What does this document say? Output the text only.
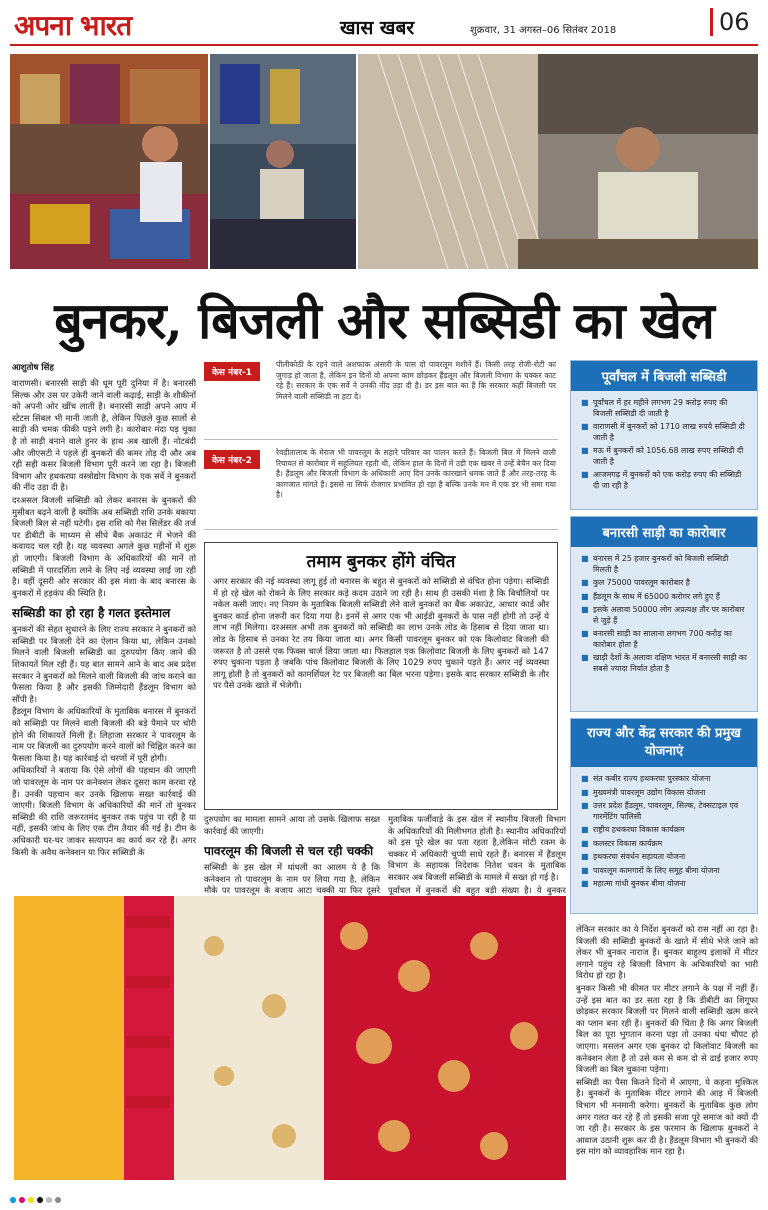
अपना भारत	खास खबर	शुक्रवार, 31 अगस्त–06 सितंबर 2018	06
बुनकर, बिजली और सब्सिडी का खेल
आशुतोष सिंह

वाराणसी। बनारसी साड़ी की धूम पूरी दुनिया में है। बनारसी सिल्क और उस पर उकेरी जाने वाली कढ़ाई, साड़ी के शौकीनों को अपनी ओर खींच लाती है। बनारसी साड़ी अपने आप में स्टेटस सिंबल भी मानी जाती है, लेकिन पिछले कुछ सालों से साड़ी की चमक फीकी पड़ने लगी है। कारोबार मंदा पड़ चुका है तो साड़ी बनाने वाले हुनर के हाथ अब खाली हैं। नोटबंदी और जीएसटी ने पहले ही बुनकरों की कमर तोड़ दी और अब रही सही कसर बिजली विभाग पूरी करने जा रहा है। बिजली विभाग और हथकरघा वस्त्रोद्योग विभाग के एक सर्वे ने बुनकरों की नींद उड़ा दी है।

दरअसल बिजली सब्सिडी को लेकर बनारस के बुनकरों की मुसीबत बढ़ने वाली है क्योंकि अब सब्सिडी राशि उनके बकाया बिजली बिल से नहीं घटेगी। इस राशि को गैस सिलेंडर की तर्ज पर डीबीटी के माध्यम से सीधे बैंक अकाउंट में भेजने की कवायद चल रही है। यह व्यवस्था अगले कुछ महीनों में शुरू हो जाएगी। बिजली विभाग के अधिकारियों की मानें तो सब्सिडी में पारदर्शिता लाने के लिए नई व्यवस्था लाई जा रही है। वहीं दूसरी ओर सरकार की इस मंशा के बाद बनारस के बुनकरों में हड़कंप की स्थिति है।

सब्सिडी का हो रहा है गलत इस्तेमाल

बुनकरों की सेहत सुधारने के लिए राज्य सरकार ने बुनकरों को सब्सिडी पर बिजली देने का ऐलान किया था, लेकिन उनको मिलने वाली बिजली सब्सिडी का दुरुपयोग किए जाने की शिकायतें मिल रही हैं। यह बात सामने आने के बाद अब प्रदेश सरकार ने बुनकरों को मिलने वाली बिजली की जांच कराने का फैसला किया है और इसकी जिम्मेदारी हैंडलूम विभाग को सौंपी है।

हैंडलूम विभाग के अधिकारियों के मुताबिक बनारस में बुनकरों को सब्सिडी पर मिलने वाली बिजली की बड़े पैमाने पर चोरी होने की शिकायतें मिली हैं। लिहाजा सरकार ने पावरलूम के नाम पर बिजली का दुरुपयोग करने वालों को चिह्नित करने का फैसला किया है। यह कार्रवाई दो चरणों में पूरी होगी।

अधिकारियों ने बताया कि ऐसे लोगों की पहचान की जाएगी जो पावरलूम के नाम पर कनेक्शन लेकर दूसरा काम करवा रहे हैं। उनकी पहचान कर उनके खिलाफ सख्त कार्रवाई की जाएगी। बिजली विभाग के अधिकारियों की मानें तो बुनकर सब्सिडी की राशि जरूरतमंद बुनकर तक पहुंच पा रही है या नहीं, इसकी जांच के लिए एक टीम तैयार की गई है। टीम के अधिकारी घर-घर जाकर सत्यापन का कार्य कर रहे हैं। अगर किसी के अवैध कनेक्शन या फिर सब्सिडी के

केस नंबर-1
पीलीकोठी के रहने वाले अशफाक अंसारी के पास दो पावरलूम मशीनें हैं। किसी तरह रोजी-रोटी का जुगाड़ हो जाता है, लेकिन इन दिनों वो अपना काम छोड़कर हैंडलूम और बिजली विभाग के चक्कर काट रहे हैं। सरकार के एक सर्वे ने उनकी नींद उड़ा दी है। डर इस बात का है कि सरकार कहीं बिजली पर मिलने वाली सब्सिडी ना हटा दे।
केस नंबर-2
रेवड़ीतालाब के मेराज भी पावरलूम के सहारे परिवार का पालन करते हैं। बिजली बिल में मिलने वाली रियायत से कारोबार में सहूलियत रहती थी, लेकिन हाल के दिनों में उड़ी एक खबर ने उन्हें बेचैन कर दिया है। हैंडलूम और बिजली विभाग के अधिकारी आए दिन उनके कारखाने धमक जाते हैं और तरह-तरह के कागजात मांगते हैं। इससे ना सिर्फ रोजगार प्रभावित हो रहा है बल्कि उनके मन में एक डर भी समा गया है।
तमाम बुनकर होंगे वंचित

अगर सरकार की नई व्यवस्था लागू हुई तो बनारस के बहुत से बुनकरों को सब्सिडी से वंचित होना पड़ेगा। सब्सिडी में हो रहे खेल को रोकने के लिए सरकार कड़े कदम उठाने जा रही है। साथ ही उसकी मंशा है कि बिचौलियों पर नकेल कसी जाए। नए नियम के मुताबिक बिजली सब्सिडी लेने वाले बुनकरों का बैंक अकाउंट, आधार कार्ड और बुनकर कार्ड होना जरूरी कर दिया गया है। इनमें से अगर एक भी आईडी बुनकरों के पास नहीं होगी तो उन्हें ये लाभ नहीं मिलेगा। दरअसल अभी तक बुनकरों को सब्सिडी का लाभ उनके लोड के हिसाब से दिया जाता था। लोड के हिसाब से उनका रेट तय किया जाता था। अगर किसी पावरलूम बुनकर को एक किलोवाट बिजली की जरूरत है तो उससे एक फिक्स चार्ज लिया जाता था। फिलहाल एक किलोवाट बिजली के लिए बुनकरों को 147 रुपए चुकाना पड़ता है जबकि पांच किलोवाट बिजली के लिए 1029 रुपए चुकाने पड़ते हैं। अगर नई व्यवस्था लागू होती है तो बुनकरों को कामर्शियल रेट पर बिजली का बिल भरना पड़ेगा। इसके बाद सरकार सब्सिडी के तौर पर पैसे उनके खाते में भेजेगी।

दुरुपयोग का मामला सामने आया तो उसके खिलाफ सख्त कार्रवाई की जाएगी।

पावरलूम की बिजली से चल रही चक्की

सब्सिडी के इस खेल में धांधली का आलम ये है कि कनेक्शन तो पावरलूम के नाम पर लिया गया है, लेकिन मौके पर पावरलूम के बजाय आटा चक्की या फिर दूसरे

मुताबिक फर्जीवाड़े के इस खेल में स्थानीय बिजली विभाग के अधिकारियों की मिलीभगत होती है। स्थानीय अधिकारियों को इस पूरे खेल का पता रहता है,लेकिन मोटी रकम के चक्कर में अधिकारी चुप्पी साधे रहते हैं। बनारस में हैंडलूम विभाग के सहायक निदेशक नितेश धवन के मुताबिक सरकार अब बिजली सब्सिडी के मामले में सख्त हो गई है।

पूर्वांचल में बुनकरों की बहुत बड़ी संख्या है। ये बुनकर

पूर्वांचल में बिजली सब्सिडी
■ पूर्वांचल में हर महीने लगभग 29 करोड़ रुपए की बिजली सब्सिडी दी जाती है
■ वाराणसी में बुनकरों को 1710 लाख रुपये सब्सिडी दी जाती है
■ मऊ में बुनकरों को 1056.68 लाख रुपए सब्सिडी दी जाती है
■ आजमगढ़ में बुनकरों को एक करोड़ रुपए की सब्सिडी दी जा रही है
बनारसी साड़ी का कारोबार
■ बनारस में 25 हजार बुनकरों को बिजली सब्सिडी मिलती है
■ कुल 75000 पावरलूम कारोबार है
■ हैंडलूम के साथ में 65000 करोगर लगे हुए हैं
■ इसके अलावा 50000 लोग अप्रत्यक्ष तौर पर कारोबार से जुड़े हैं
■ बनारसी साड़ी का सालाना लगभग 700 करोड़ का कारोबार होता है
■ खाड़ी देशों के अलावा दक्षिण भारत में बनारसी साड़ी का सबसे ज्यादा निर्यात होता है
राज्य और केंद्र सरकार की प्रमुख योजनाएं
■ संत कबीर राज्य हथकरघा पुरस्कार योजना
■ मुख्यमंत्री पावरलूम उद्योग विकास योजना
■ उत्तर प्रदेश हैंडलूम, पावरलूम, सिल्क, टेक्सटाइल एवं गारमेंटिंग पालिसी
■ राष्ट्रीय हथकरघा विकास कार्यक्रम
■ कलस्टर विकास कार्यक्रम
■ हथकरघा संवर्धन सहायता योजना
■ पावरलूम कामगारों के लिए समूह बीमा योजना
■ महात्मा गांधी बुनकर बीमा योजना

लेकिन सरकार का ये निर्देश बुनकरों को रास नहीं आ रहा है। बिजली की सब्सिडी बुनकरों के खाते में सीधे भेजे जाने को लेकर भी बुनकर नाराज हैं। बुनकर बाहुल्य इलाकों में मीटर लगाने पहुंच रहे बिजली विभाग के अधिकारियों का भारी विरोध हो रहा है।

बुनकर किसी भी कीमत पर मीटर लगाने के पक्ष में नहीं हैं। उन्हें इस बात का डर सता रहा है कि डीबीटी का शिगूफा छोड़कर सरकार बिजली पर मिलने वाली सब्सिडी खत्म करने का प्लान बना रही है। बुनकरों की चिंता है कि अगर बिजली बिल का पूरा भुगतान करना पड़ा तो उनका धंधा चौपट हो जाएगा। मसलन अगर एक बुनकर दो किलोवाट बिजली का कनेक्शन लेता है तो उसे कम से कम दो से ढाई हजार रुपए बिजली का बिल चुकाना पड़ेगा।

सब्सिडी का पैसा कितने दिनों में आएगा, ये कहना मुश्किल है। बुनकरों के मुताबिक मीटर लगाने की आड़ में बिजली विभाग भी मनमानी करेगा। बुनकरों के मुताबिक कुछ लोग अगर गलत कर रहे हैं तो इसकी सजा पूरे समाज को क्यों दी जा रही है। सरकार के इस फरमान के खिलाफ बुनकरों ने आवाज उठानी शुरू कर दी है। हैंडलूम विभाग भी बुनकरों की इस मांग को व्यावहारिक मान रहा है।
